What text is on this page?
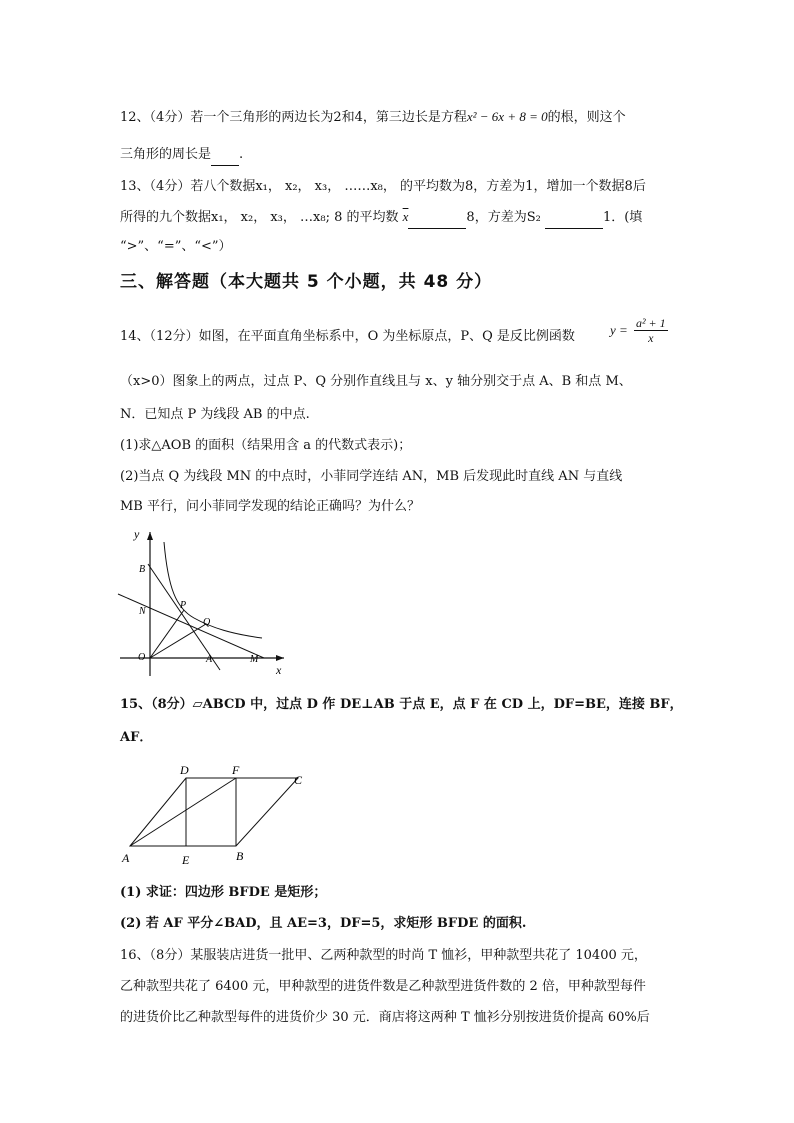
12、（4分）若一个三角形的两边长为2和4，第三边长是方程x² − 6x + 8 = 0的根，则这个
三角形的周长是 .
13、（4分）若八个数据x₁， x₂， x₃， ……x₈， 的平均数为8，方差为1，增加一个数据8后
所得的九个数据x₁， x₂， x₃， …x₈; 8 的平均数 $\overline{x}$	8，方差为S₂	1．(填
“>”、“=”、“<”）
三、解答题（本大题共 5 个小题，共 48 分）
14、（12分）如图，在平面直角坐标系中，O 为坐标原点，P、Q 是反比例函数	$y = \frac{\text{a² + 1}}{x}$
（x>0）图象上的两点，过点 P、Q 分别作直线且与 x、y 轴分别交于点 A、B 和点 M、
N．已知点 P 为线段 AB 的中点.
(1)求△AOB 的面积（结果用含 a 的代数式表示)；
(2)当点 Q 为线段 MN 的中点时，小菲同学连结 AN，MB 后发现此时直线 AN 与直线
MB 平行，问小菲同学发现的结论正确吗？为什么？
y
x
B
N
P
Q
O	A	M
15、（8分）▱ABCD 中，过点 D 作 DE⊥AB 于点 E，点 F 在 CD 上，DF=BE，连接 BF，
AF．
A	E	B
D	F
C
(1) 求证：四边形 BFDE 是矩形；
(2) 若 AF 平分∠BAD，且 AE=3，DF=5，求矩形 BFDE 的面积.
16、（8分）某服装店进货一批甲、乙两种款型的时尚 T 恤衫，甲种款型共花了 10400 元，
乙种款型共花了 6400 元，甲种款型的进货件数是乙种款型进货件数的 2 倍，甲种款型每件
的进货价比乙种款型每件的进货价少 30 元．商店将这两种 T 恤衫分别按进货价提高 60%后
